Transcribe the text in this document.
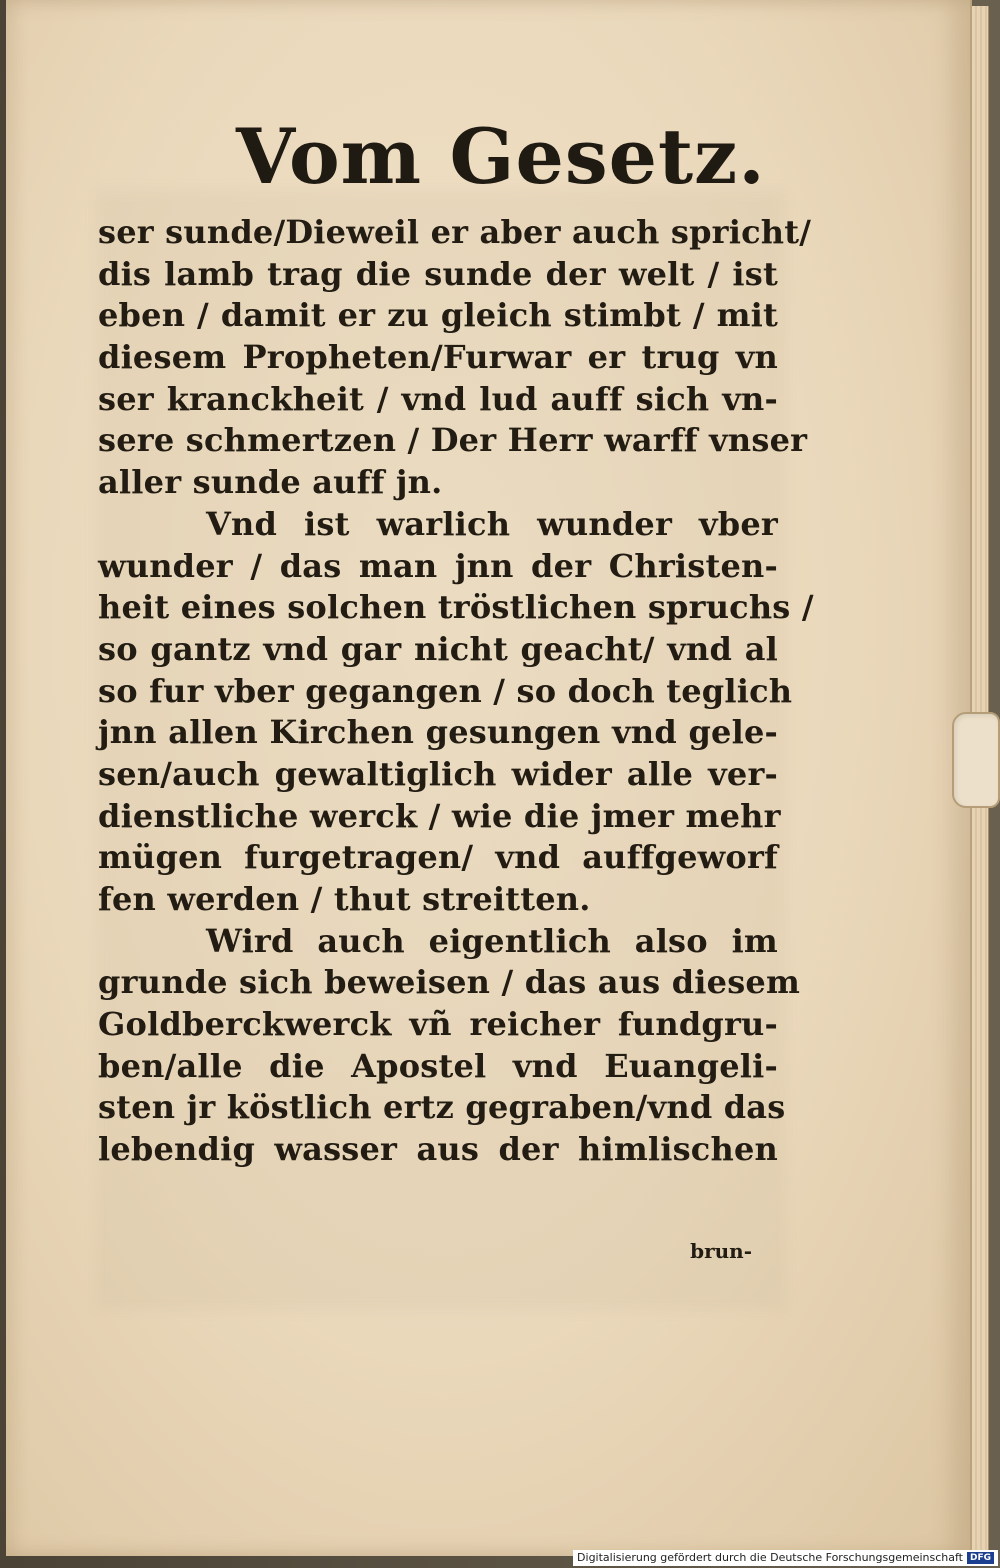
Vom Gesetz.
ser sunde/Dieweil er aber auch spricht/
dis lamb trag die sunde der welt / ist
eben / damit er zu gleich stimbt / mit
diesem Propheten/Furwar er trug vn
ser kranckheit / vnd lud auff sich vn-
sere schmertzen / Der Herr warff vnser
aller sunde auff jn.
Vnd ist warlich wunder vber
wunder / das man jnn der Christen-
heit eines solchen tröstlichen spruchs /
so gantz vnd gar nicht geacht/ vnd al
so fur vber gegangen / so doch teglich
jnn allen Kirchen gesungen vnd gele-
sen/auch gewaltiglich wider alle ver-
dienstliche werck / wie die jmer mehr
mügen furgetragen/ vnd auffgeworf
fen werden / thut streitten.
Wird auch eigentlich also im
grunde sich beweisen / das aus diesem
Goldberckwerck vñ reicher fundgru-
ben/alle die Apostel vnd Euangeli-
sten jr köstlich ertz gegraben/vnd das
lebendig wasser aus der himlischen
brun-
Digitalisierung gefördert durch die Deutsche Forschungsgemeinschaft DFG
